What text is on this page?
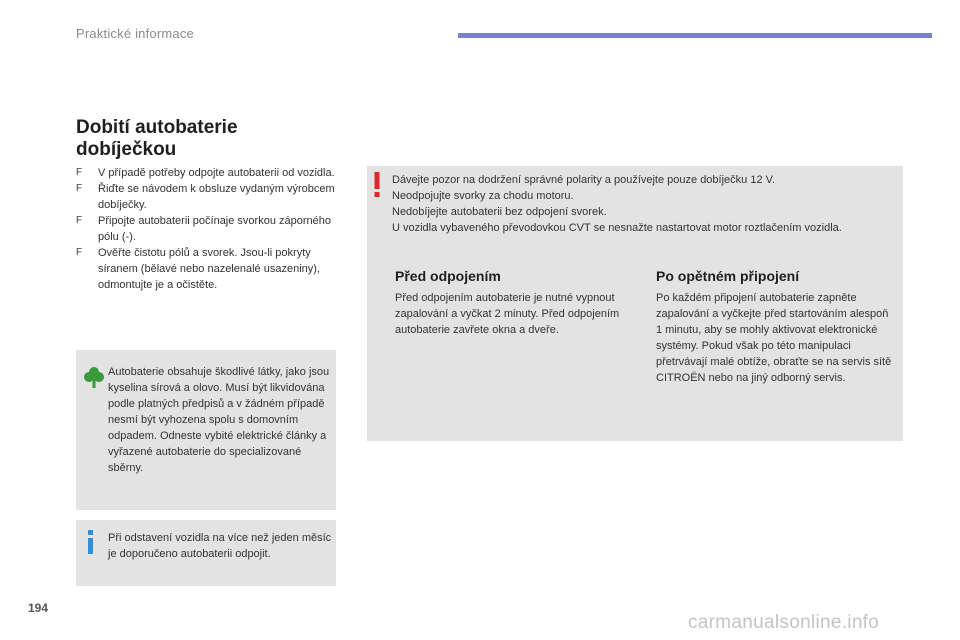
Praktické informace
Dobití autobaterie dobíječkou
F V případě potřeby odpojte autobaterii od vozidla.
F Řiďte se návodem k obsluze vydaným výrobcem dobíječky.
F Připojte autobaterii počínaje svorkou záporného pólu (-).
F Ověřte čistotu pólů a svorek. Jsou-li pokryty síranem (bělavé nebo nazelenalé usazeniny), odmontujte je a očistěte.
Autobaterie obsahuje škodlivé látky, jako jsou kyselina sírová a olovo. Musí být likvidována podle platných předpisů a v žádném případě nesmí být vyhozena spolu s domovním odpadem. Odneste vybité elektrické články a vyřazené autobaterie do specializované sběrny.
Při odstavení vozidla na více než jeden měsíc je doporučeno autobaterii odpojit.
Dávejte pozor na dodržení správné polarity a používejte pouze dobíječku 12 V.
Neodpojujte svorky za chodu motoru.
Nedobíjejte autobaterii bez odpojení svorek.
U vozidla vybaveného převodovkou CVT se nesnažte nastartovat motor roztlačením vozidla.
Před odpojením
Před odpojením autobaterie je nutné vypnout zapalování a vyčkat 2 minuty. Před odpojením autobaterie zavřete okna a dveře.
Po opětném připojení
Po každém připojení autobaterie zapněte zapalování a vyčkejte před startováním alespoň 1 minutu, aby se mohly aktivovat elektronické systémy. Pokud však po této manipulaci přetrvávají malé obtíže, obraťte se na servis sítě CITROËN nebo na jiný odborný servis.
194
carmanualsonline.info
